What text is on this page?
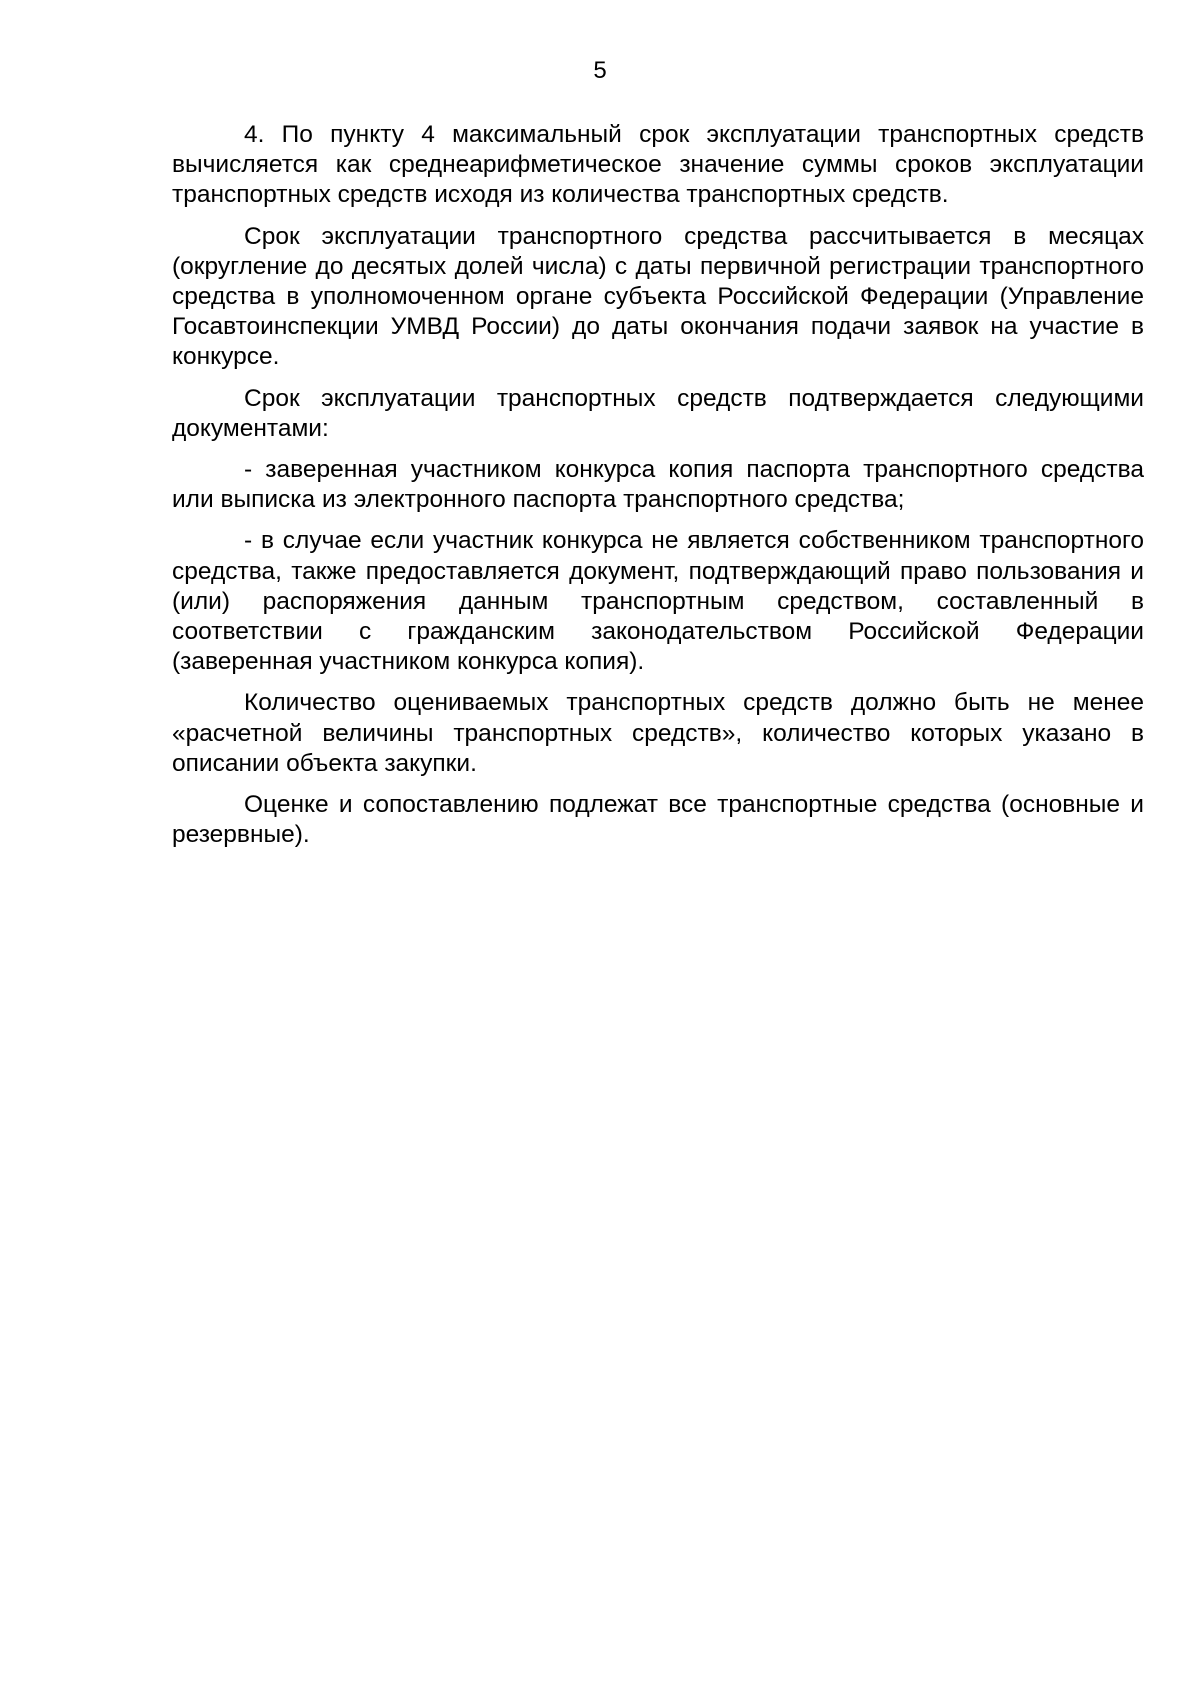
5

4. По пункту 4 максимальный срок эксплуатации транспортных средств вычисляется как среднеарифметическое значение суммы сроков эксплуатации транспортных средств исходя из количества транспортных средств.

Срок эксплуатации транспортного средства рассчитывается в месяцах (округление до десятых долей числа) с даты первичной регистрации транспортного средства в уполномоченном органе субъекта Российской Федерации (Управление Госавтоинспекции УМВД России) до даты окончания подачи заявок на участие в конкурсе.

Срок эксплуатации транспортных средств подтверждается следующими документами:

- заверенная участником конкурса копия паспорта транспортного средства или выписка из электронного паспорта транспортного средства;

- в случае если участник конкурса не является собственником транспортного средства, также предоставляется документ, подтверждающий право пользования и (или) распоряжения данным транспортным средством, составленный в соответствии с гражданским законодательством Российской Федерации (заверенная участником конкурса копия).

Количество оцениваемых транспортных средств должно быть не менее «расчетной величины транспортных средств», количество которых указано в описании объекта закупки.

Оценке и сопоставлению подлежат все транспортные средства (основные и резервные).
